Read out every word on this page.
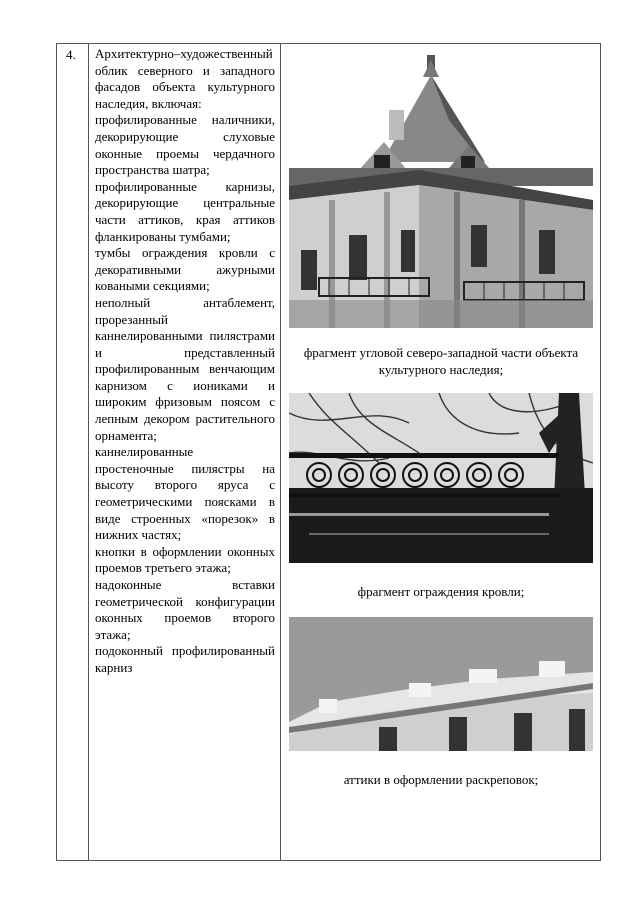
4. Архитектурно–художественный облик северного и западного фасадов объекта культурного наследия, включая:

профилированные наличники, декорирующие слуховые оконные проемы чердачного пространства шатра;

профилированные карнизы, декорирующие центральные части аттиков, края аттиков фланкированы тумбами;

тумбы ограждения кровли с декоративными ажурными коваными секциями;

неполный антаблемент, прорезанный каннелированными пилястрами и представленный профилированным венчающим карнизом с иониками и широким фризовым поясом с лепным декором растительного орнамента;

каннелированные простеночные пилястры на высоту второго яруса с геометрическими поясками в виде строенных «порезок» в нижних частях;

кнопки в оформлении оконных проемов третьего этажа;

надоконные вставки геометрической конфигурации оконных проемов второго этажа;

подоконный профилированный карниз

фрагмент угловой северо-западной части объекта культурного наследия;
фрагмент ограждения кровли;
аттики в оформлении раскреповок;
